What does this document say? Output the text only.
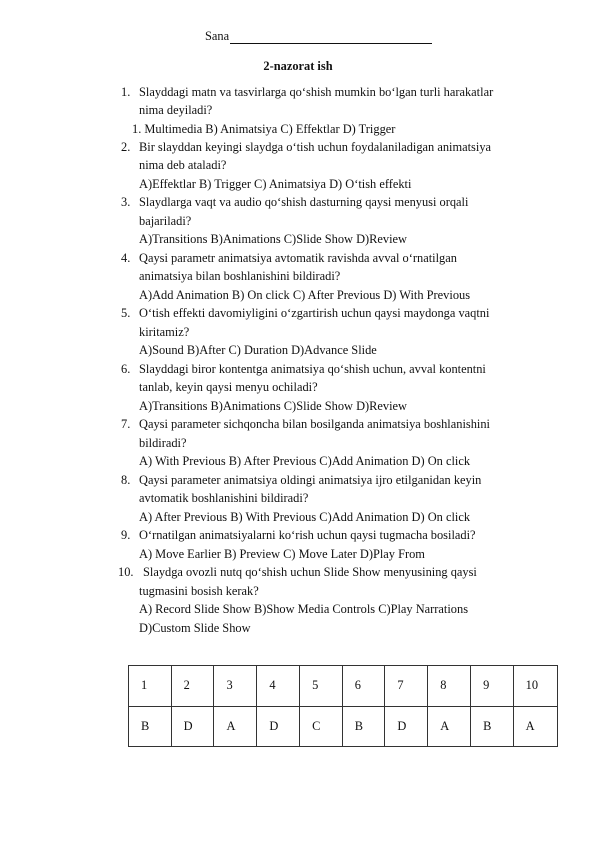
Sana
2-nazorat ish
1. Slayddagi matn va tasvirlarga qo‘shish mumkin bo‘lgan turli harakatlar
nima deyiladi?
1. Multimedia B) Animatsiya C) Effektlar D) Trigger
2. Bir slayddan keyingi slaydga o‘tish uchun foydalaniladigan animatsiya
nima deb ataladi?
A)Effektlar B) Trigger C) Animatsiya D) O‘tish effekti
3. Slaydlarga vaqt va audio qo‘shish dasturning qaysi menyusi orqali
bajariladi?
A)Transitions B)Animations C)Slide Show D)Review
4. Qaysi parametr animatsiya avtomatik ravishda avval o‘rnatilgan
animatsiya bilan boshlanishini bildiradi?
A)Add Animation B) On click C) After Previous D) With Previous
5. O‘tish effekti davomiyligini o‘zgartirish uchun qaysi maydonga vaqtni
kiritamiz?
A)Sound B)After C) Duration D)Advance Slide
6. Slayddagi biror kontentga animatsiya qo‘shish uchun, avval kontentni
tanlab, keyin qaysi menyu ochiladi?
A)Transitions B)Animations C)Slide Show D)Review
7. Qaysi parameter sichqoncha bilan bosilganda animatsiya boshlanishini
bildiradi?
A) With Previous B) After Previous C)Add Animation D) On click
8. Qaysi parameter animatsiya oldingi animatsiya ijro etilganidan keyin
avtomatik boshlanishini bildiradi?
A) After Previous B) With Previous C)Add Animation D) On click
9. O‘rnatilgan animatsiyalarni ko‘rish uchun qaysi tugmacha bosiladi?
A) Move Earlier B) Preview C) Move Later D)Play From
10. Slaydga ovozli nutq qo‘shish uchun Slide Show menyusining qaysi
tugmasini bosish kerak?
A) Record Slide Show B)Show Media Controls C)Play Narrations
D)Custom Slide Show
1	2	3	4	5	6	7	8	9	10
B	D	A	D	C	B	D	A	B	A
